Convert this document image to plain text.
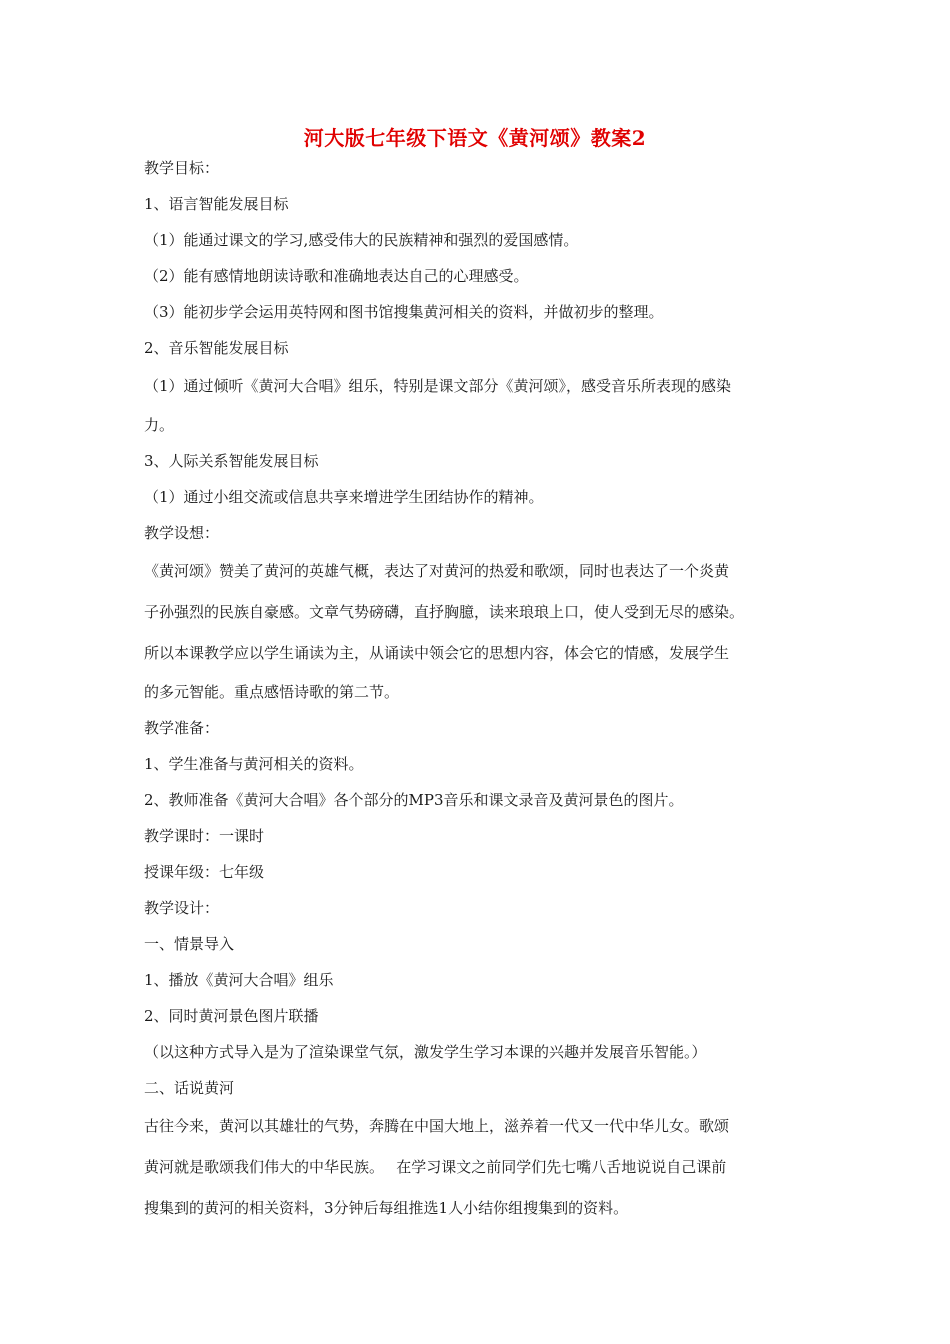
河大版七年级下语文《黄河颂》教案2
教学目标：
1、语言智能发展目标
（1）能通过课文的学习,感受伟大的民族精神和强烈的爱国感情。
（2）能有感情地朗读诗歌和准确地表达自己的心理感受。
（3）能初步学会运用英特网和图书馆搜集黄河相关的资料，并做初步的整理。
2、音乐智能发展目标
（1）通过倾听《黄河大合唱》组乐，特别是课文部分《黄河颂》，感受音乐所表现的感染
力。
3、人际关系智能发展目标
（1）通过小组交流或信息共享来增进学生团结协作的精神。
教学设想：
《黄河颂》赞美了黄河的英雄气概，表达了对黄河的热爱和歌颂，同时也表达了一个炎黄
子孙强烈的民族自豪感。文章气势磅礴，直抒胸臆，读来琅琅上口，使人受到无尽的感染。
所以本课教学应以学生诵读为主，从诵读中领会它的思想内容，体会它的情感，发展学生
的多元智能。重点感悟诗歌的第二节。
教学准备：
1、学生准备与黄河相关的资料。
2、教师准备《黄河大合唱》各个部分的MP3音乐和课文录音及黄河景色的图片。
教学课时：一课时
授课年级：七年级
教学设计：
一、情景导入
1、播放《黄河大合唱》组乐
2、同时黄河景色图片联播
（以这种方式导入是为了渲染课堂气氛，激发学生学习本课的兴趣并发展音乐智能。）
二、话说黄河
古往今来，黄河以其雄壮的气势，奔腾在中国大地上，滋养着一代又一代中华儿女。歌颂
黄河就是歌颂我们伟大的中华民族。　 在学习课文之前同学们先七嘴八舌地说说自己课前
搜集到的黄河的相关资料，3分钟后每组推选1人小结你组搜集到的资料。
